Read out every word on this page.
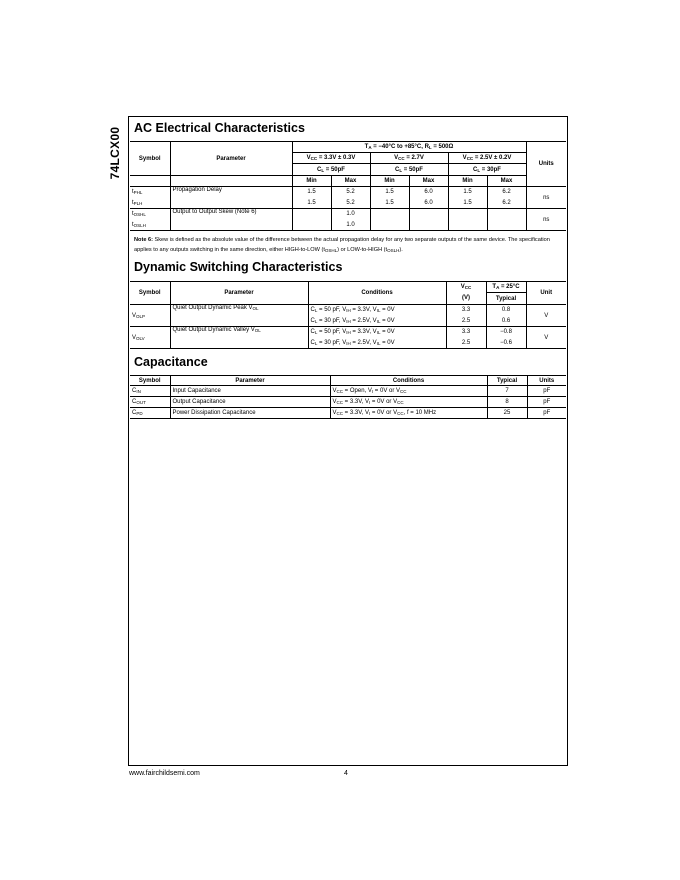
74LCX00 AC Electrical Characteristics
Symbol	Parameter	$T_A = -40^\circ C$ to +85°C, $R_L = 500\Omega$						Units
		$V_{CC} = 3.3V \pm 0.3V$		$V_{CC} = 2.7V$		$V_{CC} = 2.5V \pm 0.2V$		
		$C_L = 50pF$		$C_L = 50pF$		$C_L = 30pF$		
		Min	Max	Min	Max	Min	Max	
$t_{PHL}$	Propagation Delay	1.5	5.2	1.5	6.0	1.5	6.2	ns
$t_{PLH}$		1.5	5.2	1.5	6.0	1.5	6.2	
$t_{OSHL}$	Output to Output Skew (Note 6)		1.0					ns
$t_{OSLH}$			1.0					
Note 6: Skew is defined as the absolute value of the difference between the actual propagation delay for any two separate outputs of the same device. The specification applies to any outputs switching in the same direction, either HIGH-to-LOW $(t_{OSHL})$ or LOW-to-HIGH $(t_{OSLH})$.
Dynamic Switching Characteristics
Symbol	Parameter	Conditions	$V_{CC}$	$T_A = 25^\circ C$	Unit
			(V)	Typical	
$V_{OLP}$	Quiet Output Dynamic Peak $V_{OL}$	$C_L = 50$ pF, $V_{IH} = 3.3V$, $V_{IL} = 0V$	3.3	0.8	V
		$C_L = 30$ pF, $V_{IH} = 2.5V$, $V_{IL} = 0V$	2.5	0.6	
$V_{OLV}$	Quiet Output Dynamic Valley $V_{OL}$	$C_L = 50$ pF, $V_{IH} = 3.3V$, $V_{IL} = 0V$	3.3	−0.8	V
		$C_L = 30$ pF, $V_{IH} = 2.5V$, $V_{IL} = 0V$	2.5	−0.6	
Capacitance
Symbol	Parameter	Conditions	Typical	Units
$C_{IN}$	Input Capacitance	$V_{CC}$ = Open, $V_I = 0V$ or $V_{CC}$	7	pF
$C_{OUT}$	Output Capacitance	$V_{CC} = 3.3V$, $V_I = 0V$ or $V_{CC}$	8	pF
$C_{PD}$	Power Dissipation Capacitance	$V_{CC} = 3.3V$, $V_I = 0V$ or $V_{CC}$, f = 10 MHz	25	pF
www.fairchildsemi.com	4
